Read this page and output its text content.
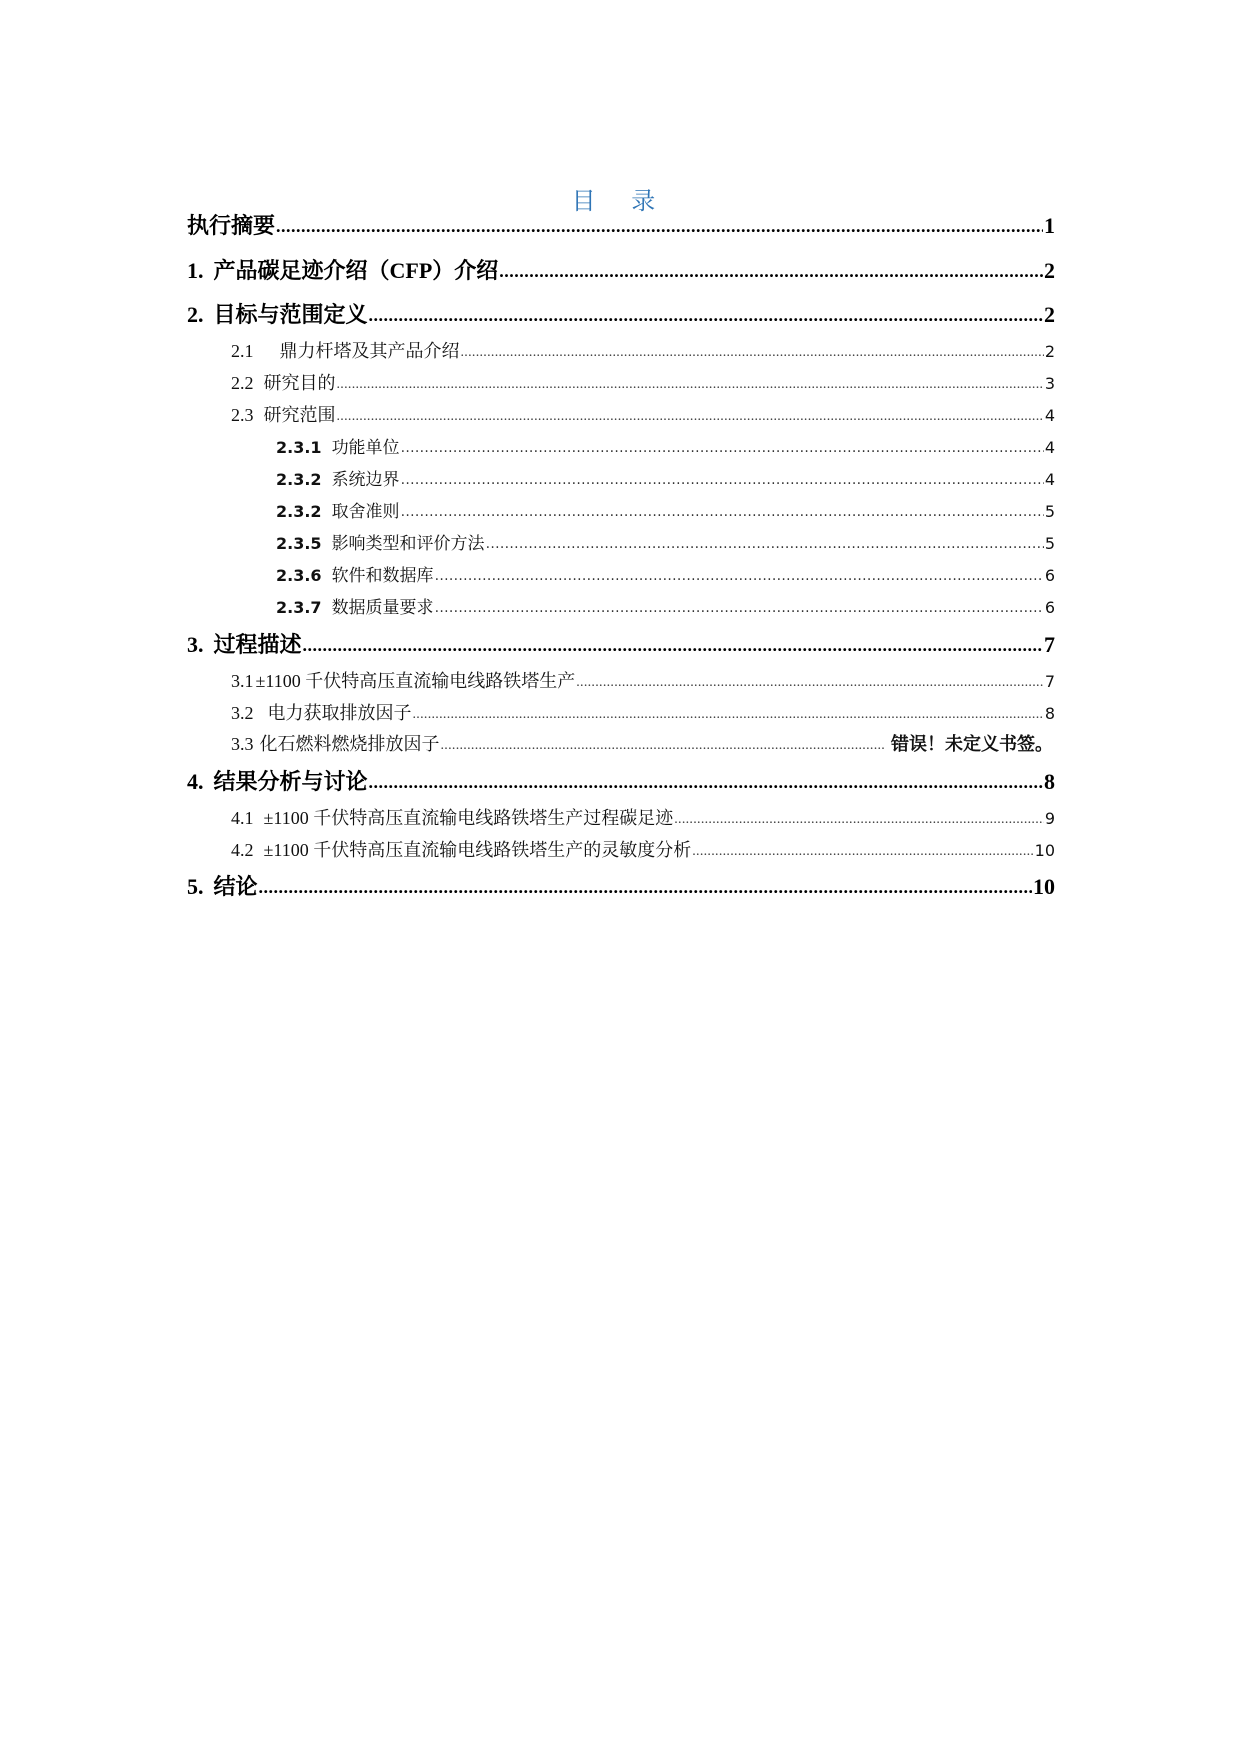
目 录
执行摘要 .....	1
1. 产品碳足迹介绍（CFP）介绍 .....	2
2. 目标与范围定义 .....	2
2.1 鼎力杆塔及其产品介绍 .....	2
2.2 研究目的 .....	3
2.3 研究范围 .....	4
2.3.1 功能单位 .....	4
2.3.2 系统边界 .....	4
2.3.2 取舍准则 .....	5
2.3.5 影响类型和评价方法 .....	5
2.3.6 软件和数据库 .....	6
2.3.7 数据质量要求 .....	6
3. 过程描述 .....	7
3.1 ±1100 千伏特高压直流输电线路铁塔生产 .....	7
3.2 电力获取排放因子 .....	8
3.3 化石燃料燃烧排放因子 .....	错误！未定义书签。
4. 结果分析与讨论 .....	8
4.1 ±1100 千伏特高压直流输电线路铁塔生产过程碳足迹 .....	9
4.2 ±1100 千伏特高压直流输电线路铁塔生产的灵敏度分析 .....	10
5. 结论 .....	10
